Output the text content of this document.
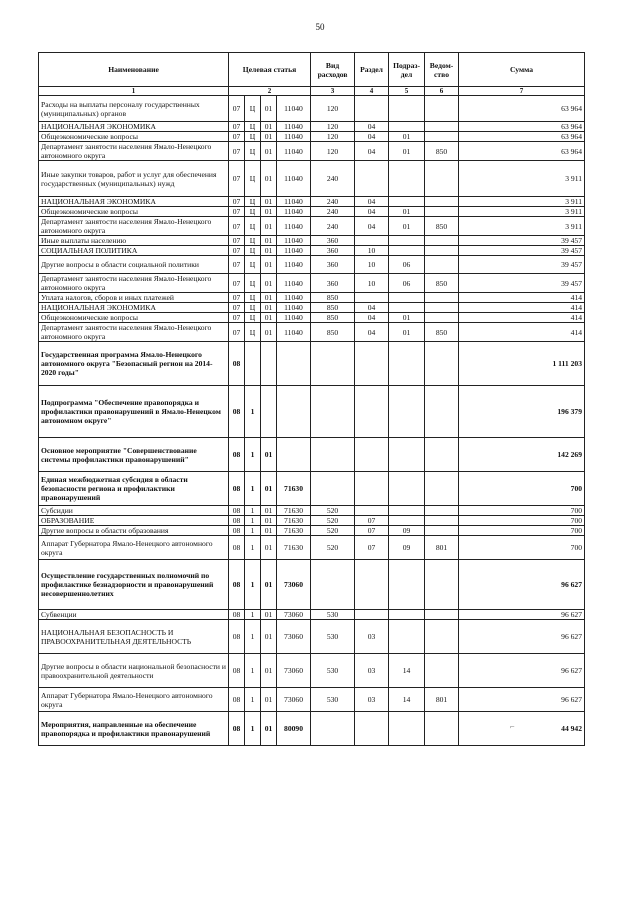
50
Наименование	Целевая статья				Вид расходов	Раздел	Подраз-дел	Ведом-ство	Сумма
1	2				3	4	5	6	7
Расходы на выплаты персоналу государственных (муниципальных) органов	07	Ц	01	11040	120				63 964
НАЦИОНАЛЬНАЯ ЭКОНОМИКА	07	Ц	01	11040	120	04			63 964
Общеэкономические вопросы	07	Ц	01	11040	120	04	01		63 964
Департамент занятости населения Ямало-Ненецкого автономного округа	07	Ц	01	11040	120	04	01	850	63 964
Иные закупки товаров, работ и услуг для обеспечения государственных (муниципальных) нужд	07	Ц	01	11040	240				3 911
НАЦИОНАЛЬНАЯ ЭКОНОМИКА	07	Ц	01	11040	240	04			3 911
Общеэкономические вопросы	07	Ц	01	11040	240	04	01		3 911
Департамент занятости населения Ямало-Ненецкого автономного округа	07	Ц	01	11040	240	04	01	850	3 911
Иные выплаты населению	07	Ц	01	11040	360				39 457
СОЦИАЛЬНАЯ ПОЛИТИКА	07	Ц	01	11040	360	10			39 457
Другие вопросы в области социальной политики	07	Ц	01	11040	360	10	06		39 457
Департамент занятости населения Ямало-Ненецкого автономного округа	07	Ц	01	11040	360	10	06	850	39 457
Уплата налогов, сборов и иных платежей	07	Ц	01	11040	850				414
НАЦИОНАЛЬНАЯ ЭКОНОМИКА	07	Ц	01	11040	850	04			414
Общеэкономические вопросы	07	Ц	01	11040	850	04	01		414
Департамент занятости населения Ямало-Ненецкого автономного округа	07	Ц	01	11040	850	04	01	850	414
Государственная программа Ямало-Ненецкого автономного округа "Безопасный регион на 2014-2020 годы"	08								1 111 203
Подпрограмма "Обеспечение правопорядка и профилактики правонарушений в Ямало-Ненецком автономном округе"	08	1							196 379
Основное мероприятие "Совершенствование системы профилактики правонарушений"	08	1	01						142 269
Единая межбюджетная субсидия в области безопасности региона и профилактики правонарушений	08	1	01	71630					700
Субсидии	08	1	01	71630	520				700
ОБРАЗОВАНИЕ	08	1	01	71630	520	07			700
Другие вопросы в области образования	08	1	01	71630	520	07	09		700
Аппарат Губернатора Ямало-Ненецкого автономного округа	08	1	01	71630	520	07	09	801	700
Осуществление государственных полномочий по профилактике безнадзорности и правонарушений несовершеннолетних	08	1	01	73060					96 627
Субвенции	08	1	01	73060	530				96 627
НАЦИОНАЛЬНАЯ БЕЗОПАСНОСТЬ И ПРАВООХРАНИТЕЛЬНАЯ ДЕЯТЕЛЬНОСТЬ	08	1	01	73060	530	03			96 627
Другие вопросы в области национальной безопасности и правоохранительной деятельности	08	1	01	73060	530	03	14		96 627
Аппарат Губернатора Ямало-Ненецкого автономного округа	08	1	01	73060	530	03	14	801	96 627
Мероприятия, направленные на обеспечение правопорядка и профилактики правонарушений	08	1	01	80090					44 942
⌐
